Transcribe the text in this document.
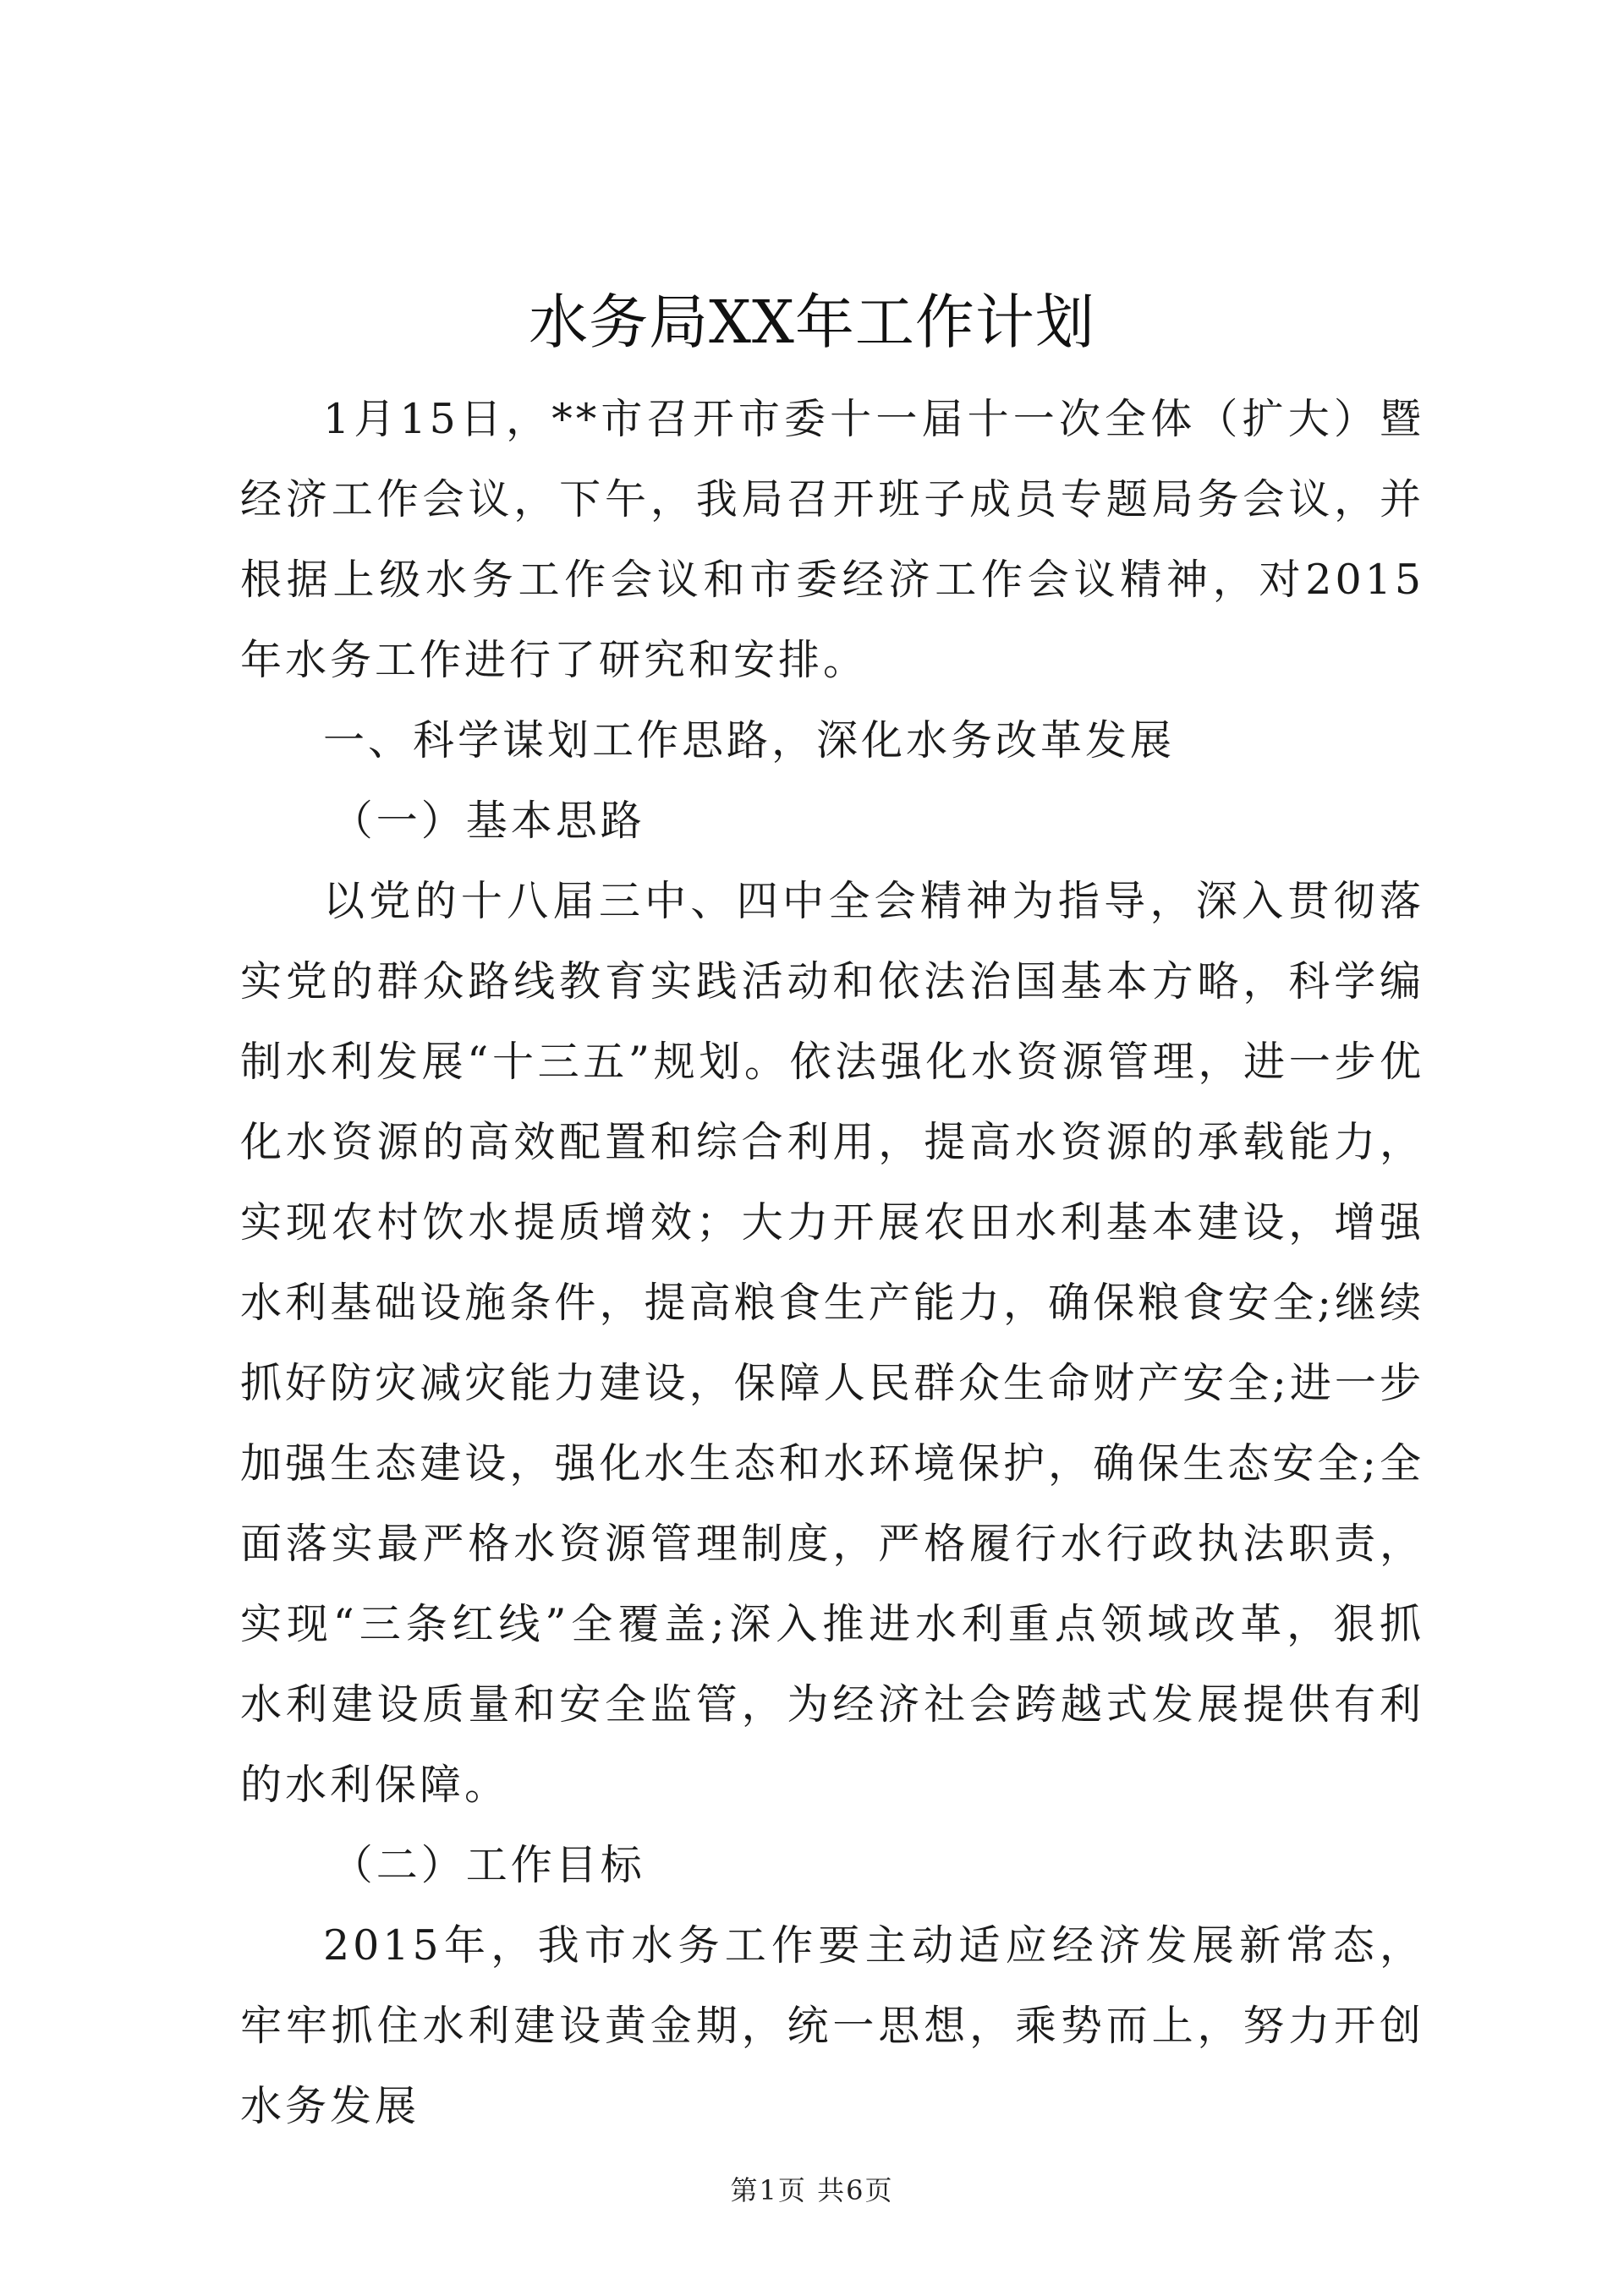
水务局XX年工作计划

1月15日，**市召开市委十一届十一次全体（扩大）暨经济工作会议，下午，我局召开班子成员专题局务会议，并根据上级水务工作会议和市委经济工作会议精神，对2015年水务工作进行了研究和安排。

一、科学谋划工作思路，深化水务改革发展

（一）基本思路

以党的十八届三中、四中全会精神为指导，深入贯彻落实党的群众路线教育实践活动和依法治国基本方略，科学编制水利发展“十三五”规划。依法强化水资源管理，进一步优化水资源的高效配置和综合利用，提高水资源的承载能力，实现农村饮水提质增效；大力开展农田水利基本建设，增强水利基础设施条件，提高粮食生产能力，确保粮食安全;继续抓好防灾减灾能力建设，保障人民群众生命财产安全;进一步加强生态建设，强化水生态和水环境保护，确保生态安全;全面落实最严格水资源管理制度，严格履行水行政执法职责，实现“三条红线”全覆盖;深入推进水利重点领域改革，狠抓水利建设质量和安全监管，为经济社会跨越式发展提供有利的水利保障。

（二）工作目标

2015年，我市水务工作要主动适应经济发展新常态，牢牢抓住水利建设黄金期，统一思想，乘势而上，努力开创水务发展

第1页 共6页
